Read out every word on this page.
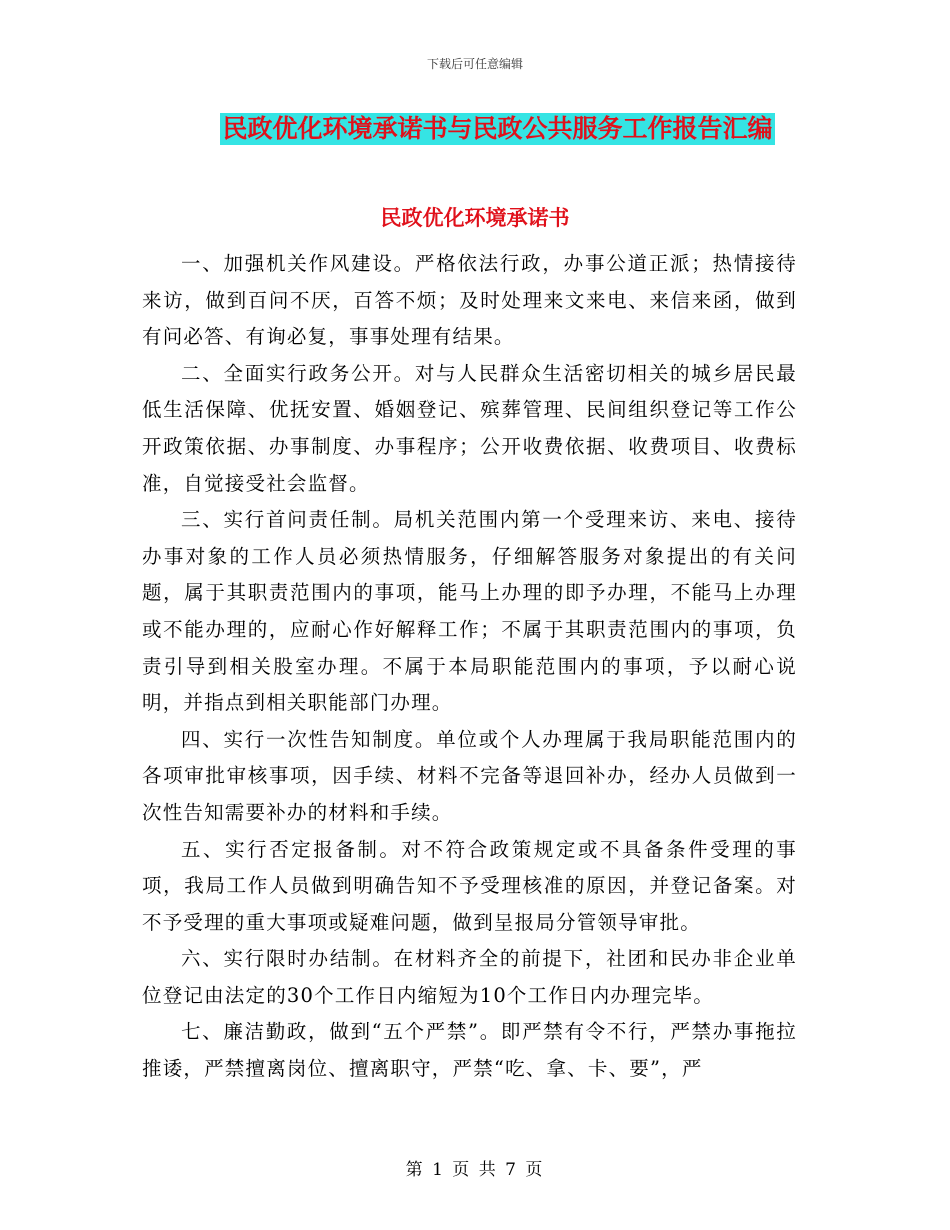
下载后可任意编辑
民政优化环境承诺书与民政公共服务工作报告汇编
民政优化环境承诺书

一、加强机关作风建设。严格依法行政，办事公道正派；热情接待来访，做到百问不厌，百答不烦；及时处理来文来电、来信来函，做到有问必答、有询必复，事事处理有结果。

二、全面实行政务公开。对与人民群众生活密切相关的城乡居民最低生活保障、优抚安置、婚姻登记、殡葬管理、民间组织登记等工作公开政策依据、办事制度、办事程序；公开收费依据、收费项目、收费标准，自觉接受社会监督。

三、实行首问责任制。局机关范围内第一个受理来访、来电、接待办事对象的工作人员必须热情服务，仔细解答服务对象提出的有关问题，属于其职责范围内的事项，能马上办理的即予办理，不能马上办理或不能办理的，应耐心作好解释工作；不属于其职责范围内的事项，负责引导到相关股室办理。不属于本局职能范围内的事项，予以耐心说明，并指点到相关职能部门办理。

四、实行一次性告知制度。单位或个人办理属于我局职能范围内的各项审批审核事项，因手续、材料不完备等退回补办，经办人员做到一次性告知需要补办的材料和手续。

五、实行否定报备制。对不符合政策规定或不具备条件受理的事项，我局工作人员做到明确告知不予受理核准的原因，并登记备案。对不予受理的重大事项或疑难问题，做到呈报局分管领导审批。

六、实行限时办结制。在材料齐全的前提下，社团和民办非企业单位登记由法定的30个工作日内缩短为10个工作日内办理完毕。

七、廉洁勤政，做到“五个严禁”。即严禁有令不行，严禁办事拖拉推诿，严禁擅离岗位、擅离职守，严禁“吃、拿、卡、要”，严

第 1 页 共 7 页
